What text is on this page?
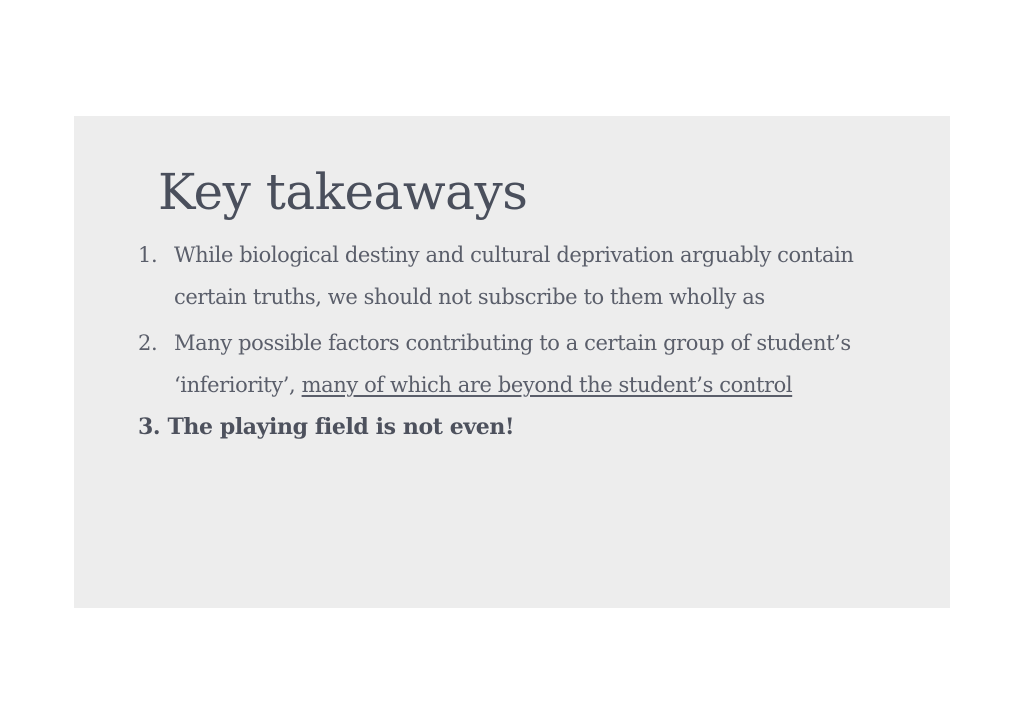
Key takeaways
1. While biological destiny and cultural deprivation arguably contain certain truths, we should not subscribe to them wholly as
2. Many possible factors contributing to a certain group of student’s ‘inferiority’, many of which are beyond the student’s control
3. The playing field is not even!
